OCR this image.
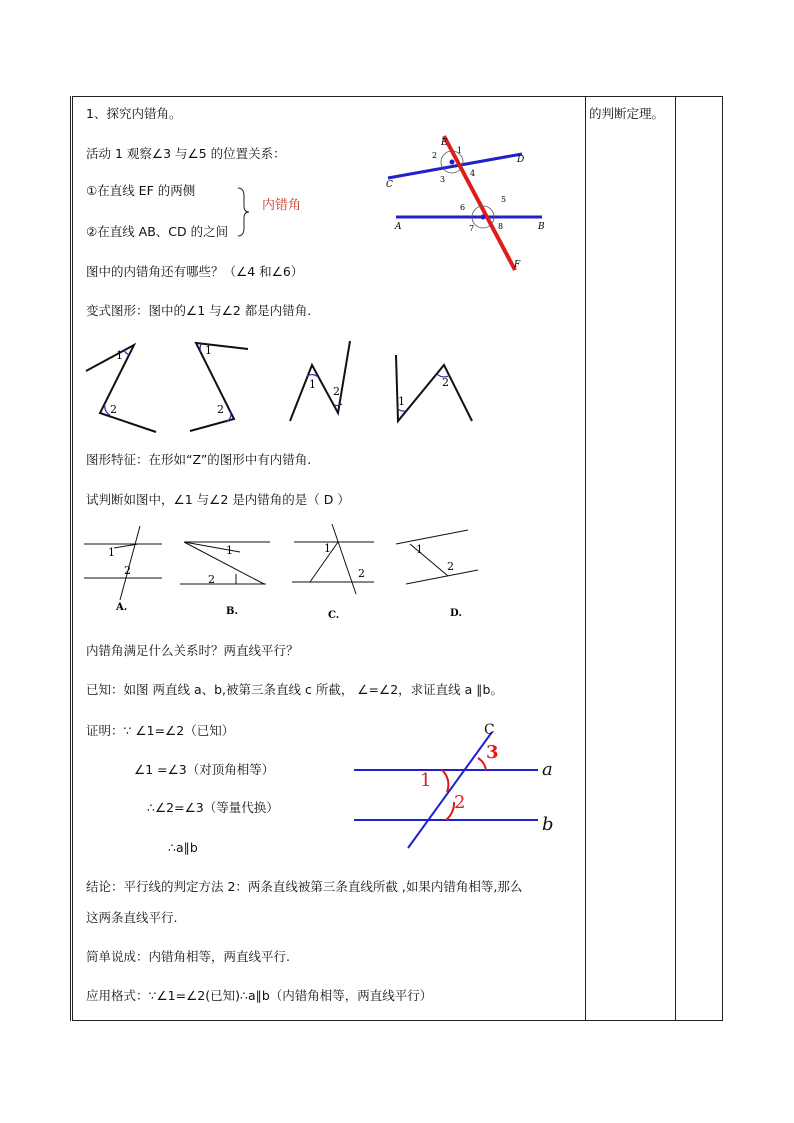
的判断定理。
1、探究内错角。
活动 1 观察∠3 与∠5 的位置关系：
①在直线 EF 的两侧
②在直线 AB、CD 的之间
内错角
E
C
D
A	B
F
1
2
3
4
5
6
7	8
图中的内错角还有哪些？（∠4 和∠6）
变式图形：图中的∠1 与∠2 都是内错角.
1
2
1
2
1
2
1
2
图形特征：在形如“Z”的图形中有内错角.
试判断如图中，∠1 与∠2 是内错角的是（ D ）
1
2
A.
1
2
B.
1
2
C.
1
2
D.
内错角满足什么关系时？两直线平行？
已知：如图 两直线 a、b,被第三条直线 c 所截， ∠=∠2，求证直线 a ∥b。
证明：∵ ∠1=∠2（已知）
∠1 =∠3（对顶角相等）
∴∠2=∠3（等量代换）
∴a∥b
C
a
b
1
2
3
结论：平行线的判定方法 2：两条直线被第三条直线所截 ,如果内错角相等,那么
这两条直线平行.
简单说成：内错角相等，两直线平行.
应用格式：∵∠1=∠2(已知)∴a∥b（内错角相等，两直线平行）
